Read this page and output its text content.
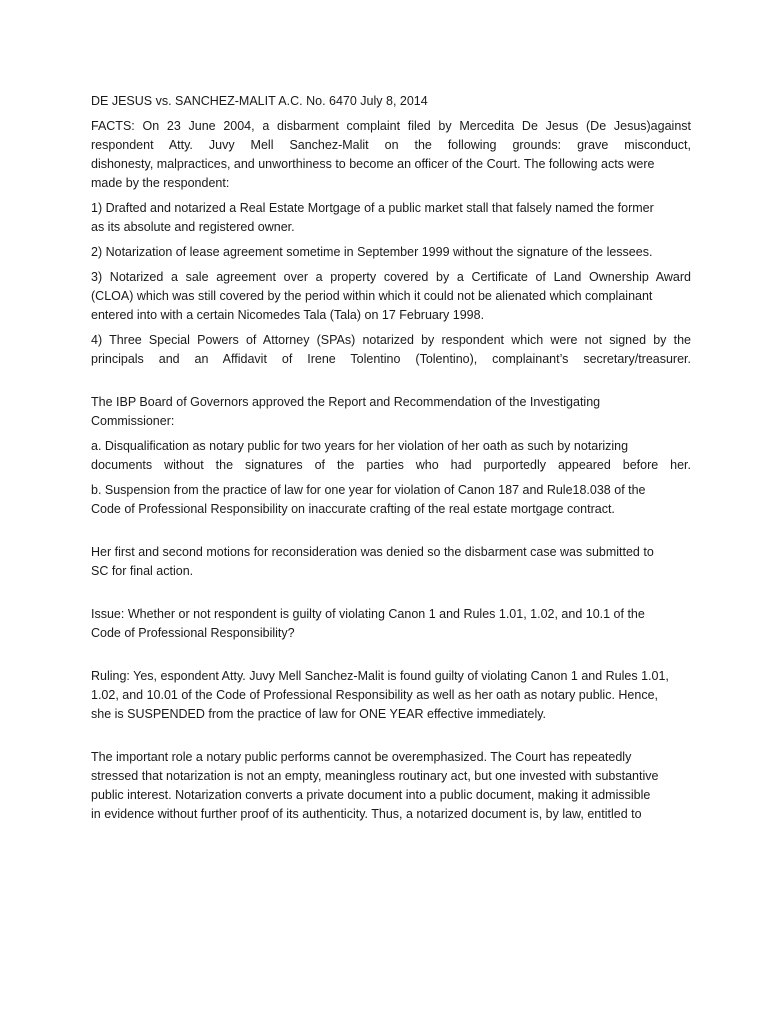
DE JESUS vs. SANCHEZ-MALIT A.C. No. 6470 July 8, 2014

FACTS: On 23 June 2004, a disbarment complaint filed by Mercedita De Jesus (De Jesus)against

respondent Atty. Juvy Mell Sanchez-Malit on the following grounds: grave misconduct,

dishonesty, malpractices, and unworthiness to become an officer of the Court. The following acts were

made by the respondent:

1) Drafted and notarized a Real Estate Mortgage of a public market stall that falsely named the former

as its absolute and registered owner.

2) Notarization of lease agreement sometime in September 1999 without the signature of the lessees.

3) Notarized a sale agreement over a property covered by a Certificate of Land Ownership Award

(CLOA) which was still covered by the period within which it could not be alienated which complainant

entered into with a certain Nicomedes Tala (Tala) on 17 February 1998.

4) Three Special Powers of Attorney (SPAs) notarized by respondent which were not signed by the

principals and an Affidavit of Irene Tolentino (Tolentino), complainant’s secretary/treasurer.

The IBP Board of Governors approved the Report and Recommendation of the Investigating

Commissioner:

a. Disqualification as notary public for two years for her violation of her oath as such by notarizing

documents without the signatures of the parties who had purportedly appeared before her.

b. Suspension from the practice of law for one year for violation of Canon 187 and Rule18.038 of the

Code of Professional Responsibility on inaccurate crafting of the real estate mortgage contract.

Her first and second motions for reconsideration was denied so the disbarment case was submitted to

SC for final action.

Issue: Whether or not respondent is guilty of violating Canon 1 and Rules 1.01, 1.02, and 10.1 of the

Code of Professional Responsibility?

Ruling: Yes, espondent Atty. Juvy Mell Sanchez-Malit is found guilty of violating Canon 1 and Rules 1.01,

1.02, and 10.01 of the Code of Professional Responsibility as well as her oath as notary public. Hence,

she is SUSPENDED from the practice of law for ONE YEAR effective immediately.

The important role a notary public performs cannot be overemphasized. The Court has repeatedly

stressed that notarization is not an empty, meaningless routinary act, but one invested with substantive

public interest. Notarization converts a private document into a public document, making it admissible

in evidence without further proof of its authenticity. Thus, a notarized document is, by law, entitled to
